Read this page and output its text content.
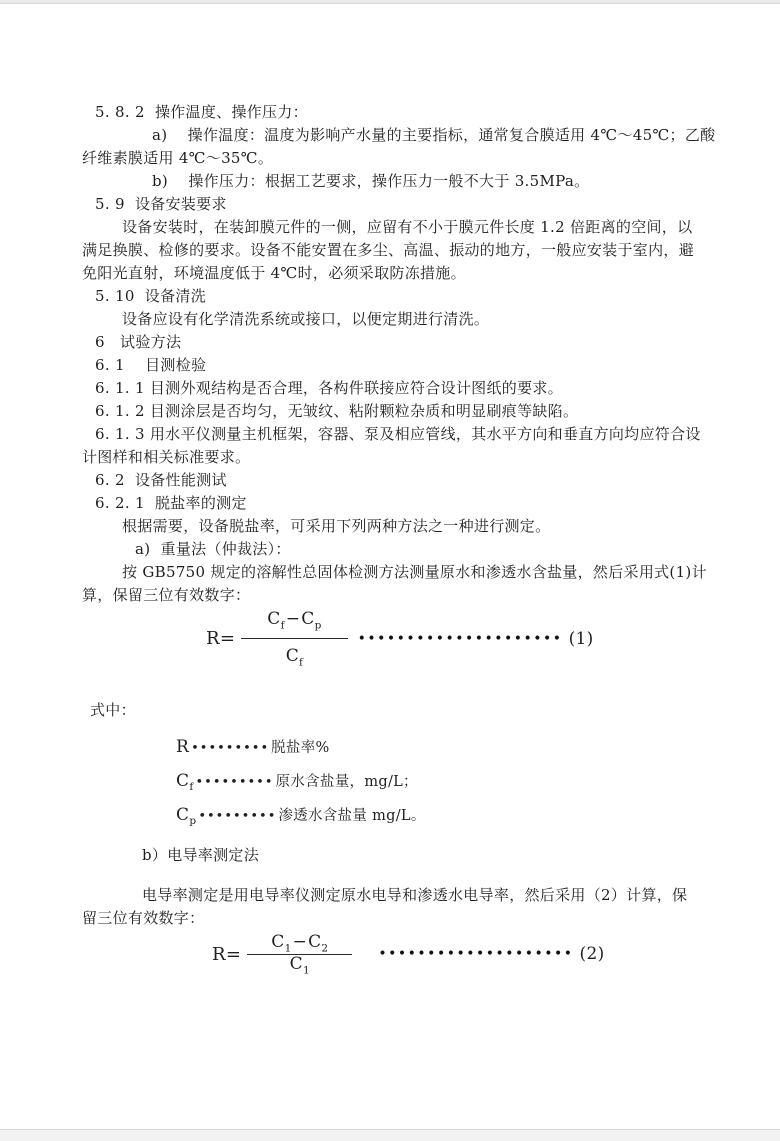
5. 8. 2  操作温度、操作压力：
a)    操作温度：温度为影响产水量的主要指标，通常复合膜适用 4℃～45℃；乙酸
纤维素膜适用 4℃～35℃。
b)    操作压力：根据工艺要求，操作压力一般不大于 3.5MPa。
5. 9  设备安装要求
设备安装时，在装卸膜元件的一侧，应留有不小于膜元件长度 1.2 倍距离的空间，以
满足换膜、检修的要求。设备不能安置在多尘、高温、振动的地方，一般应安装于室内，避
免阳光直射，环境温度低于 4℃时，必须采取防冻措施。
5. 10  设备清洗
设备应设有化学清洗系统或接口，以便定期进行清洗。
6   试验方法
6. 1    目测检验
6. 1. 1 目测外观结构是否合理，各构件联接应符合设计图纸的要求。
6. 1. 2 目测涂层是否均匀，无皱纹、粘附颗粒杂质和明显刷痕等缺陷。
6. 1. 3 用水平仪测量主机框架，容器、泵及相应管线，其水平方向和垂直方向均应符合设
计图样和相关标准要求。
6. 2  设备性能测试
6. 2. 1  脱盐率的测定
根据需要，设备脱盐率，可采用下列两种方法之一种进行测定。
a)  重量法（仲裁法）：
按 GB5750 规定的溶解性总固体检测方法测量原水和渗透水含盐量，然后采用式(1)计
算，保留三位有效数字：
$R= \frac{C_f-C_p}{C_f}$ ••••••••••••••••••••• (1)
式中：
R ••••••••• 脱盐率%
$C_f$ ••••••••• 原水含盐量，mg/L；
$C_p$ ••••••••• 渗透水含盐量 mg/L。
b）电导率测定法
电导率测定是用电导率仪测定原水电导和渗透水电导率，然后采用（2）计算，保
留三位有效数字：
$R= \frac{C_1-C_2}{C_1}$ •••••••••••••••••••• (2)
